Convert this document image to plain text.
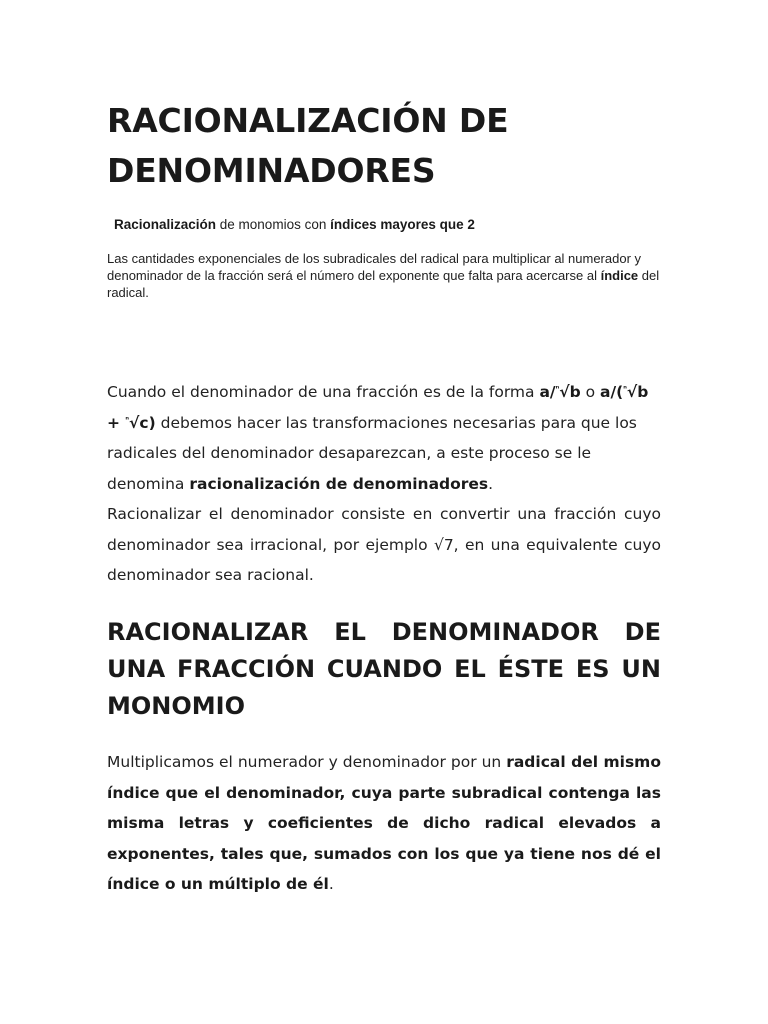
RACIONALIZACIÓN DE
DENOMINADORES
Racionalización de monomios con índices mayores que 2
Las cantidades exponenciales de los subradicales del radical para multiplicar al numerador y denominador de la fracción será el número del exponente que falta para acercarse al índice del radical.
Cuando el denominador de una fracción es de la forma a/$^{^n}$√b o a/($^{^n}$√b + $^{^n}$√c) debemos hacer las transformaciones necesarias para que los radicales del denominador desaparezcan, a este proceso se le denomina racionalización de denominadores.
Racionalizar el denominador consiste en convertir una fracción cuyo denominador sea irracional, por ejemplo √7, en una equivalente cuyo denominador sea racional.
RACIONALIZAR EL DENOMINADOR DE UNA FRACCIÓN CUANDO EL ÉSTE ES UN MONOMIO
Multiplicamos el numerador y denominador por un radical del mismo índice que el denominador, cuya parte subradical contenga las misma letras y coeficientes de dicho radical elevados a exponentes, tales que, sumados con los que ya tiene nos dé el índice o un múltiplo de él.
